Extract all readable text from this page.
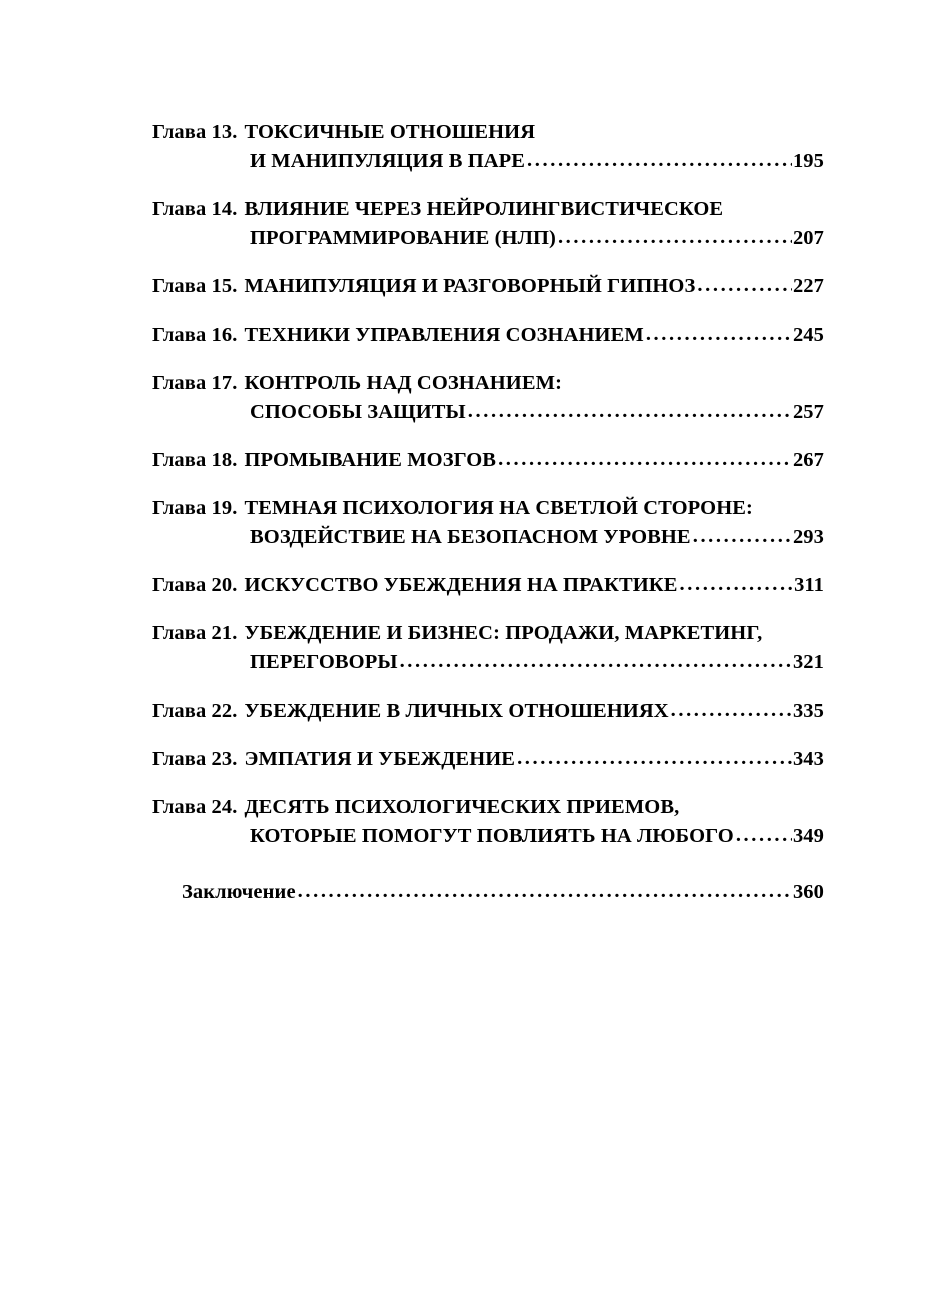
Глава 13. ТОКСИЧНЫЕ ОТНОШЕНИЯ
И МАНИПУЛЯЦИЯ В ПАРЕ .....	195
Глава 14. ВЛИЯНИЕ ЧЕРЕЗ НЕЙРОЛИНГВИСТИЧЕСКОЕ
ПРОГРАММИРОВАНИЕ (НЛП) .....	207
Глава 15. МАНИПУЛЯЦИЯ И РАЗГОВОРНЫЙ ГИПНОЗ .....	227
Глава 16. ТЕХНИКИ УПРАВЛЕНИЯ СОЗНАНИЕМ .....	245
Глава 17. КОНТРОЛЬ НАД СОЗНАНИЕМ:
СПОСОБЫ ЗАЩИТЫ .....	257
Глава 18. ПРОМЫВАНИЕ МОЗГОВ .....	267
Глава 19. ТЕМНАЯ ПСИХОЛОГИЯ НА СВЕТЛОЙ СТОРОНЕ:
ВОЗДЕЙСТВИЕ НА БЕЗОПАСНОМ УРОВНЕ .....	293
Глава 20. ИСКУССТВО УБЕЖДЕНИЯ НА ПРАКТИКЕ .....	311
Глава 21. УБЕЖДЕНИЕ И БИЗНЕС: ПРОДАЖИ, МАРКЕТИНГ,
ПЕРЕГОВОРЫ .....	321
Глава 22. УБЕЖДЕНИЕ В ЛИЧНЫХ ОТНОШЕНИЯХ .....	335
Глава 23. ЭМПАТИЯ И УБЕЖДЕНИЕ .....	343
Глава 24. ДЕСЯТЬ ПСИХОЛОГИЧЕСКИХ ПРИЕМОВ,
КОТОРЫЕ ПОМОГУТ ПОВЛИЯТЬ НА ЛЮБОГО .....	349
Заключение .....	360
